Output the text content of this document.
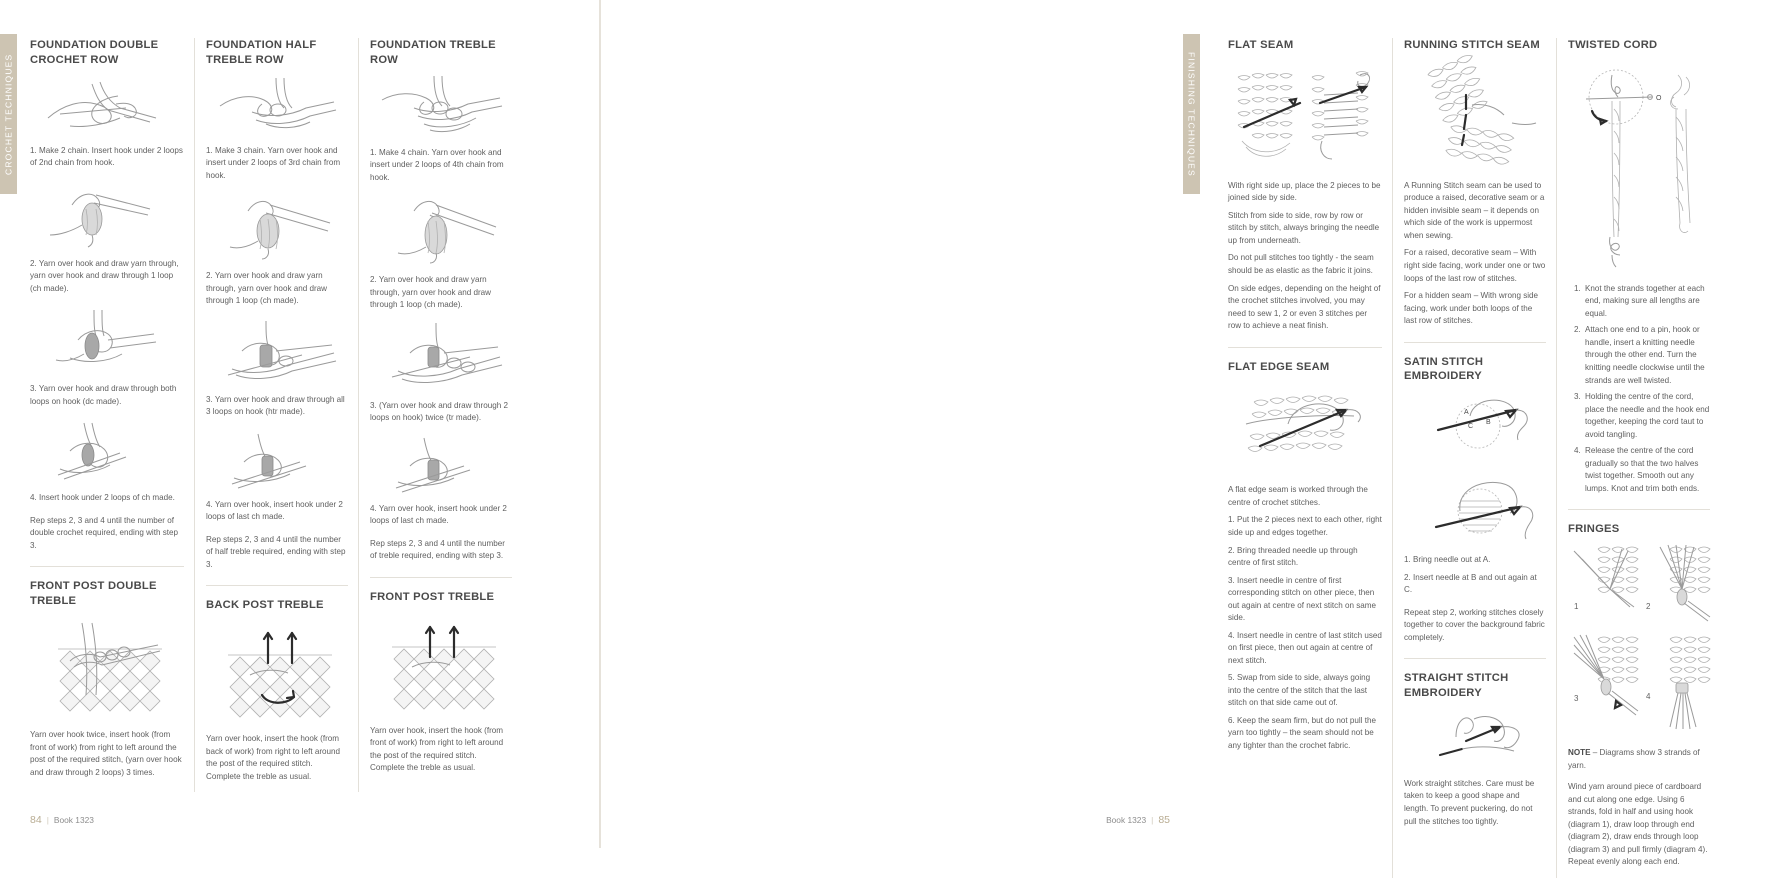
CROCHET TECHNIQUES
FOUNDATION DOUBLE CROCHET ROW

1. Make 2 chain. Insert hook under 2 loops of 2nd chain from hook.

2. Yarn over hook and draw yarn through, yarn over hook and draw through 1 loop (ch made).

3. Yarn over hook and draw through both loops on hook (dc made).

4. Insert hook under 2 loops of ch made.

Rep steps 2, 3 and 4 until the number of double crochet required, ending with step 3.

FRONT POST DOUBLE TREBLE

Yarn over hook twice, insert hook (from front of work) from right to left around the post of the required stitch, (yarn over hook and draw through 2 loops) 3 times.

FOUNDATION HALF TREBLE ROW

1. Make 3 chain. Yarn over hook and insert under 2 loops of 3rd chain from hook.

2. Yarn over hook and draw yarn through, yarn over hook and draw through 1 loop (ch made).

3. Yarn over hook and draw through all 3 loops on hook (htr made).

4. Yarn over hook, insert hook under 2 loops of last ch made.

Rep steps 2, 3 and 4 until the number of half treble required, ending with step 3.

BACK POST TREBLE

Yarn over hook, insert the hook (from back of work) from right to left around the post of the required stitch. Complete the treble as usual.

FOUNDATION TREBLE ROW

1. Make 4 chain. Yarn over hook and insert under 2 loops of 4th chain from hook.

2. Yarn over hook and draw yarn through, yarn over hook and draw through 1 loop (ch made).

3. (Yarn over hook and draw through 2 loops on hook) twice (tr made).

4. Yarn over hook, insert hook under 2 loops of last ch made.

Rep steps 2, 3 and 4 until the number of treble required, ending with step 3.

FRONT POST TREBLE

Yarn over hook, insert the hook (from front of work) from right to left around the post of the required stitch. Complete the treble as usual.

84 | Book 1323
FINISHING TECHNIQUES
FLAT SEAM

With right side up, place the 2 pieces to be joined side by side.

Stitch from side to side, row by row or stitch by stitch, always bringing the needle up from underneath.

Do not pull stitches too tightly - the seam should be as elastic as the fabric it joins.

On side edges, depending on the height of the crochet stitches involved, you may need to sew 1, 2 or even 3 stitches per row to achieve a neat finish.

FLAT EDGE SEAM

A flat edge seam is worked through the centre of crochet stitches.

1. Put the 2 pieces next to each other, right side up and edges together.

2. Bring threaded needle up through centre of first stitch.

3. Insert needle in centre of first corresponding stitch on other piece, then out again at centre of next stitch on same side.

4. Insert needle in centre of last stitch used on first piece, then out again at centre of next stitch.

5. Swap from side to side, always going into the centre of the stitch that the last stitch on that side came out of.

6. Keep the seam firm, but do not pull the yarn too tightly – the seam should not be any tighter than the crochet fabric.

RUNNING STITCH SEAM

A Running Stitch seam can be used to produce a raised, decorative seam or a hidden invisible seam – it depends on which side of the work is uppermost when sewing.

For a raised, decorative seam – With right side facing, work under one or two loops of the last row of stitches.

For a hidden seam – With wrong side facing, work under both loops of the last row of stitches.

SATIN STITCH EMBROIDERY
A
B
C

1. Bring needle out at A.

2. Insert needle at B and out again at C.

Repeat step 2, working stitches closely together to cover the background fabric completely.

STRAIGHT STITCH EMBROIDERY

Work straight stitches. Care must be taken to keep a good shape and length. To prevent puckering, do not pull the stitches too tightly.

TWISTED CORD
O
1. Knot the strands together at each end, making sure all lengths are equal.
2. Attach one end to a pin, hook or handle, insert a knitting needle through the other end. Turn the knitting needle clockwise until the strands are well twisted.
3. Holding the centre of the cord, place the needle and the hook end together, keeping the cord taut to avoid tangling.
4. Release the centre of the cord gradually so that the two halves twist together. Smooth out any lumps. Knot and trim both ends.
FRINGES
1	2
3	4

NOTE – Diagrams show 3 strands of yarn.

Wind yarn around piece of cardboard and cut along one edge. Using 6 strands, fold in half and using hook (diagram 1), draw loop through end (diagram 2), draw ends through loop (diagram 3) and pull firmly (diagram 4). Repeat evenly along each end.

Book 1323 | 85
